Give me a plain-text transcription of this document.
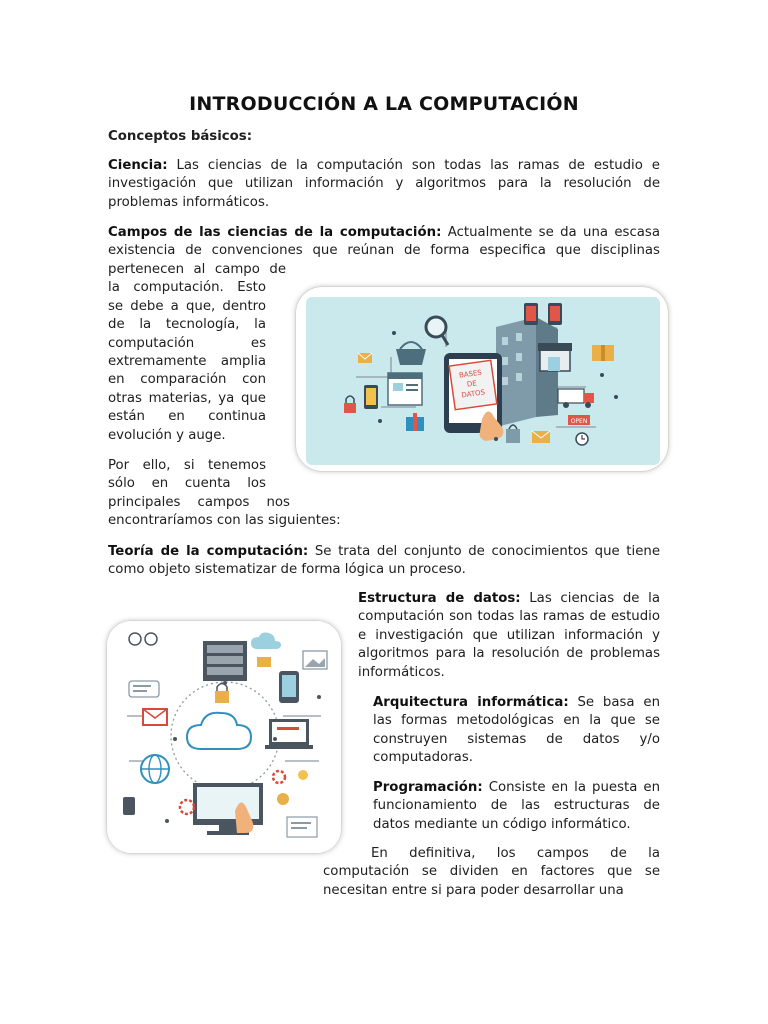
INTRODUCCIÓN A LA COMPUTACIÓN

Conceptos básicos:

Ciencia: Las ciencias de la computación son todas las ramas de estudio e investigación que utilizan información y algoritmos para la resolución de problemas informáticos.

Campos de las ciencias de la computación: Actualmente se da una escasa existencia de convenciones que reúnan de forma especifica que disciplinas

pertenecen al campo de
la computación. Esto
se debe a que, dentro
de la tecnología, la
computación es
extremamente amplia
en comparación con
otras materias, ya que
están en continua
evolución y auge.
Por ello, si tenemos
sólo en cuenta los
principales campos nos
encontraríamos con las siguientes:

Teoría de la computación: Se trata del conjunto de conocimientos que tiene como objeto sistematizar de forma lógica un proceso.

Estructura de datos: Las ciencias de la computación son todas las ramas de estudio e investigación que utilizan información y algoritmos para la resolución de problemas informáticos.

Arquitectura informática: Se basa en las formas metodológicas en la que se construyen sistemas de datos y/o computadoras.

Programación: Consiste en la puesta en funcionamiento de las estructuras de datos mediante un código informático.

En definitiva, los campos de la computación se dividen en factores que se necesitan entre si para poder desarrollar una

BASES
DE
DATOS
OPEN
